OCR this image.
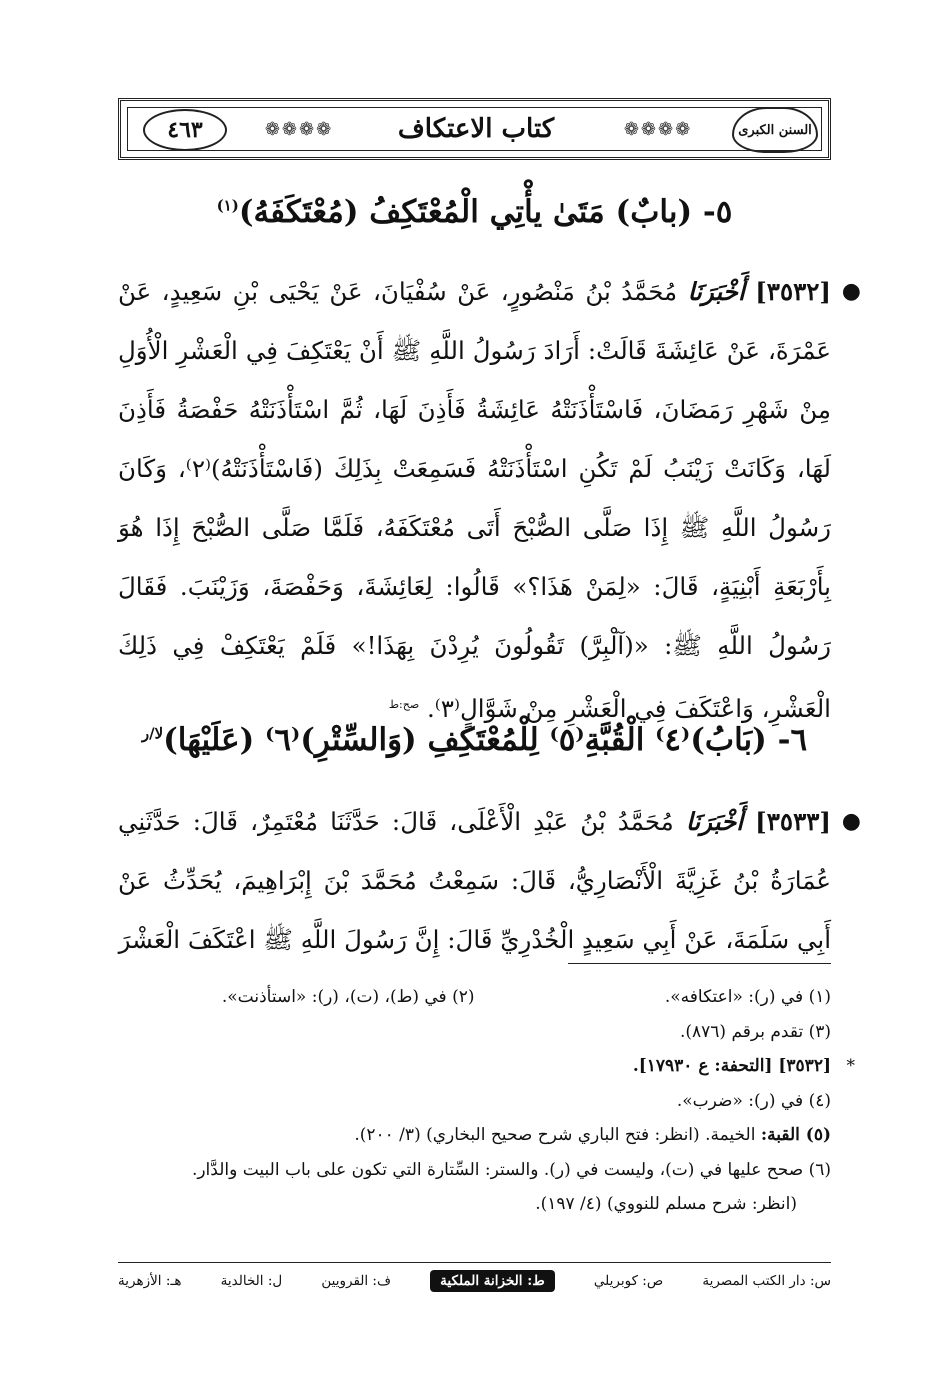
السنن الكبرى
❁❁❁❁
كتاب الاعتكاف
❁❁❁❁
٤٦٣
٥- (بابٌ) مَتَىٰ يأْتِي الْمُعْتَكِفُ (مُعْتَكَفَهُ)$^{(١)}$
●
[٣٥٣٢] أَخْبَرَنَا مُحَمَّدُ بْنُ مَنْصُورٍ، عَنْ سُفْيَانَ، عَنْ يَحْيَى بْنِ سَعِيدٍ، عَنْ عَمْرَةَ، عَنْ عَائِشَةَ قَالَتْ: أَرَادَ رَسُولُ اللَّهِ ﷺ أَنْ يَعْتَكِفَ فِي الْعَشْرِ الْأُوَلِ مِنْ شَهْرِ رَمَضَانَ، فَاسْتَأْذَنَتْهُ عَائِشَةُ فَأَذِنَ لَهَا، ثُمَّ اسْتَأْذَنَتْهُ حَفْصَةُ فَأَذِنَ لَهَا، وَكَانَتْ زَيْنَبُ لَمْ تَكُنِ اسْتَأْذَنَتْهُ فَسَمِعَتْ بِذَلِكَ (فَاسْتَأْذَنَتْهُ)⁽٢⁾، وَكَانَ رَسُولُ اللَّهِ ﷺ إِذَا صَلَّى الصُّبْحَ أَتَى مُعْتَكَفَهُ، فَلَمَّا صَلَّى الصُّبْحَ إِذَا هُوَ بِأَرْبَعَةِ أَبْنِيَةٍ، قَالَ: «لِمَنْ هَذَا؟» قَالُوا: لِعَائِشَةَ، وَحَفْصَةَ، وَزَيْنَبَ. فَقَالَ رَسُولُ اللَّهِ ﷺ: «(آلْبِرَّ) تَقُولُونَ يُرِدْنَ بِهَذَا!» فَلَمْ يَعْتَكِفْ فِي ذَلِكَ الْعَشْرِ، وَاعْتَكَفَ فِي الْعَشْرِ مِنْ شَوَّالٍ⁽٣⁾. $^{صح:ط}$
٦- (بَابُ)⁽٤⁾ الْقُبَّةِ⁽٥⁾ لِلْمُعْتَكِفِ (وَالسِّتْرِ)⁽٦⁾ (عَلَيْهَا)$^{لا/ر}$
●
[٣٥٣٣] أَخْبَرَنَا مُحَمَّدُ بْنُ عَبْدِ الْأَعْلَى، قَالَ: حَدَّثَنَا مُعْتَمِرٌ، قَالَ: حَدَّثَنِي عُمَارَةُ بْنُ غَزِيَّةَ الْأَنْصَارِيُّ، قَالَ: سَمِعْتُ مُحَمَّدَ بْنَ إِبْرَاهِيمَ، يُحَدِّثُ عَنْ أَبِي سَلَمَةَ، عَنْ أَبِي سَعِيدٍ الْخُدْرِيِّ قَالَ: إِنَّ رَسُولَ اللَّهِ ﷺ اعْتَكَفَ الْعَشْرَ
(١) في (ر): «اعتكافه».
(٢) في (ط)، (ت)، (ر): «استأذنت».
(٣) تقدم برقم (٨٧٦).
*
[٣٥٣٢] [التحفة: ع ١٧٩٣٠].
(٤) في (ر): «ضرب».
(٥) القبة: الخيمة. (انظر: فتح الباري شرح صحيح البخاري) (٣/ ٢٠٠).
(٦) صحح عليها في (ت)، وليست في (ر). والستر: السِّتارة التي تكون على باب البيت والدَّار.
(انظر: شرح مسلم للنووي) (٤/ ١٩٧).
س: دار الكتب المصرية
ص: كوبريلي
ط: الخزانة الملكية
ف: القرويين
ل: الخالدية
هـ: الأزهرية
